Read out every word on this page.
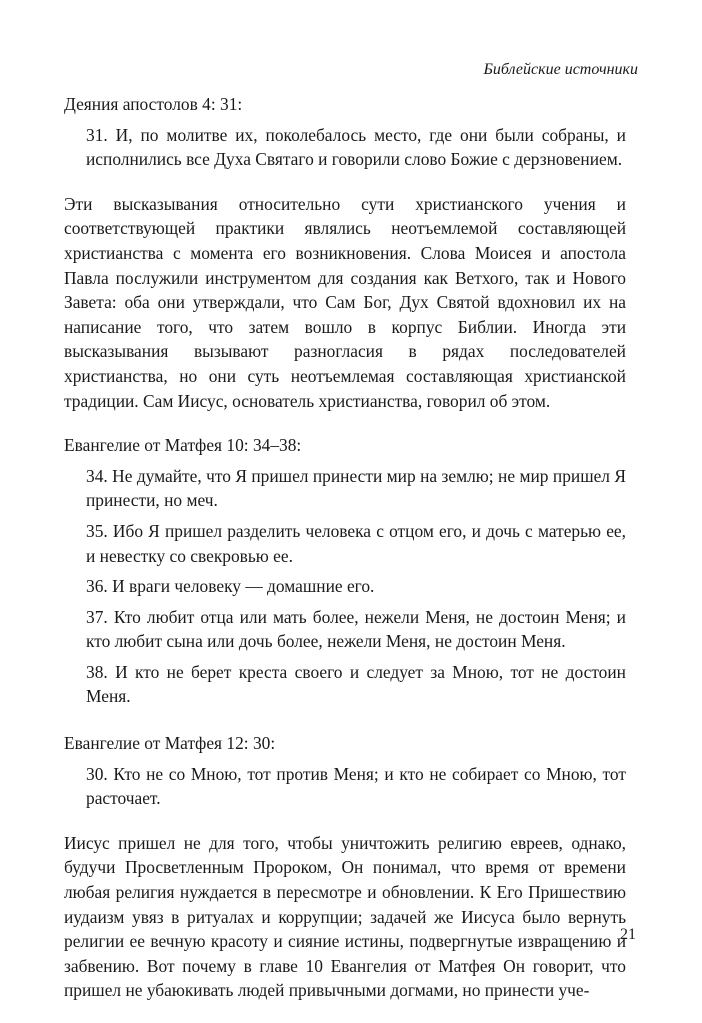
Библейские источники

Деяния апостолов 4: 31:

31. И, по молитве их, поколебалось место, где они были собраны, и исполнились все Духа Святаго и говорили слово Божие с дерзновением.

Эти высказывания относительно сути христианского учения и соответствующей практики являлись неотъемлемой составляющей христианства с момента его возникновения. Слова Моисея и апостола Павла послужили инструментом для создания как Ветхого, так и Нового Завета: оба они утверждали, что Сам Бог, Дух Святой вдохновил их на написание того, что затем вошло в корпус Библии. Иногда эти высказывания вызывают разногласия в рядах последователей христианства, но они суть неотъемлемая составляющая христианской традиции. Сам Иисус, основатель христианства, говорил об этом.

Евангелие от Матфея 10: 34–38:

34. Не думайте, что Я пришел принести мир на землю; не мир пришел Я принести, но меч.

35. Ибо Я пришел разделить человека с отцом его, и дочь с матерью ее, и невестку со свекровью ее.

36. И враги человеку — домашние его.

37. Кто любит отца или мать более, нежели Меня, не достоин Меня; и кто любит сына или дочь более, нежели Меня, не достоин Меня.

38. И кто не берет креста своего и следует за Мною, тот не достоин Меня.

Евангелие от Матфея 12: 30:

30. Кто не со Мною, тот против Меня; и кто не собирает со Мною, тот расточает.

Иисус пришел не для того, чтобы уничтожить религию евреев, однако, будучи Просветленным Пророком, Он понимал, что время от времени любая религия нуждается в пересмотре и обновлении. К Его Пришествию иудаизм увяз в ритуалах и коррупции; задачей же Иисуса было вернуть религии ее вечную красоту и сияние истины, подвергнутые извращению и забвению. Вот почему в главе 10 Евангелия от Матфея Он говорит, что пришел не убаюкивать людей привычными догмами, но принести уче-

21
